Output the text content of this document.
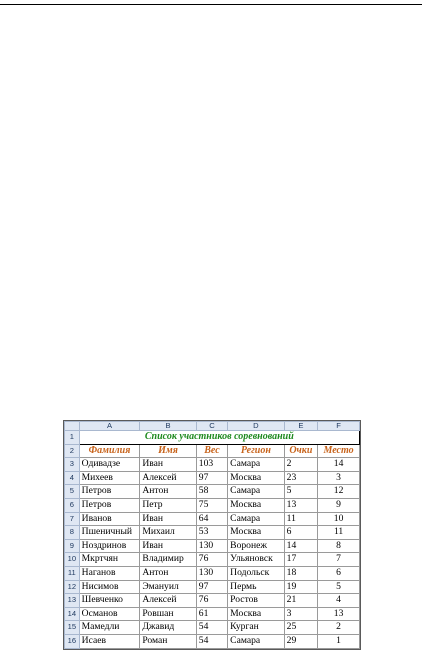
	A	B	C	D	E	F
1	Список участников соревнований					
2	Фамилия	Имя	Вес	Регион	Очки	Место
3	Одивадзе	Иван	103	Самара	2	14
4	Михеев	Алексей	97	Москва	23	3
5	Петров	Антон	58	Самара	5	12
6	Петров	Петр	75	Москва	13	9
7	Иванов	Иван	64	Самара	11	10
8	Пшеничный	Михаил	53	Москва	6	11
9	Ноздринов	Иван	130	Воронеж	14	8
10	Мкртчян	Владимир	76	Ульяновск	17	7
11	Наганов	Антон	130	Подольск	18	6
12	Нисимов	Эмануил	97	Пермь	19	5
13	Шевченко	Алексей	76	Ростов	21	4
14	Османов	Ровшан	61	Москва	3	13
15	Мамедли	Джавид	54	Курган	25	2
16	Исаев	Роман	54	Самара	29	1
